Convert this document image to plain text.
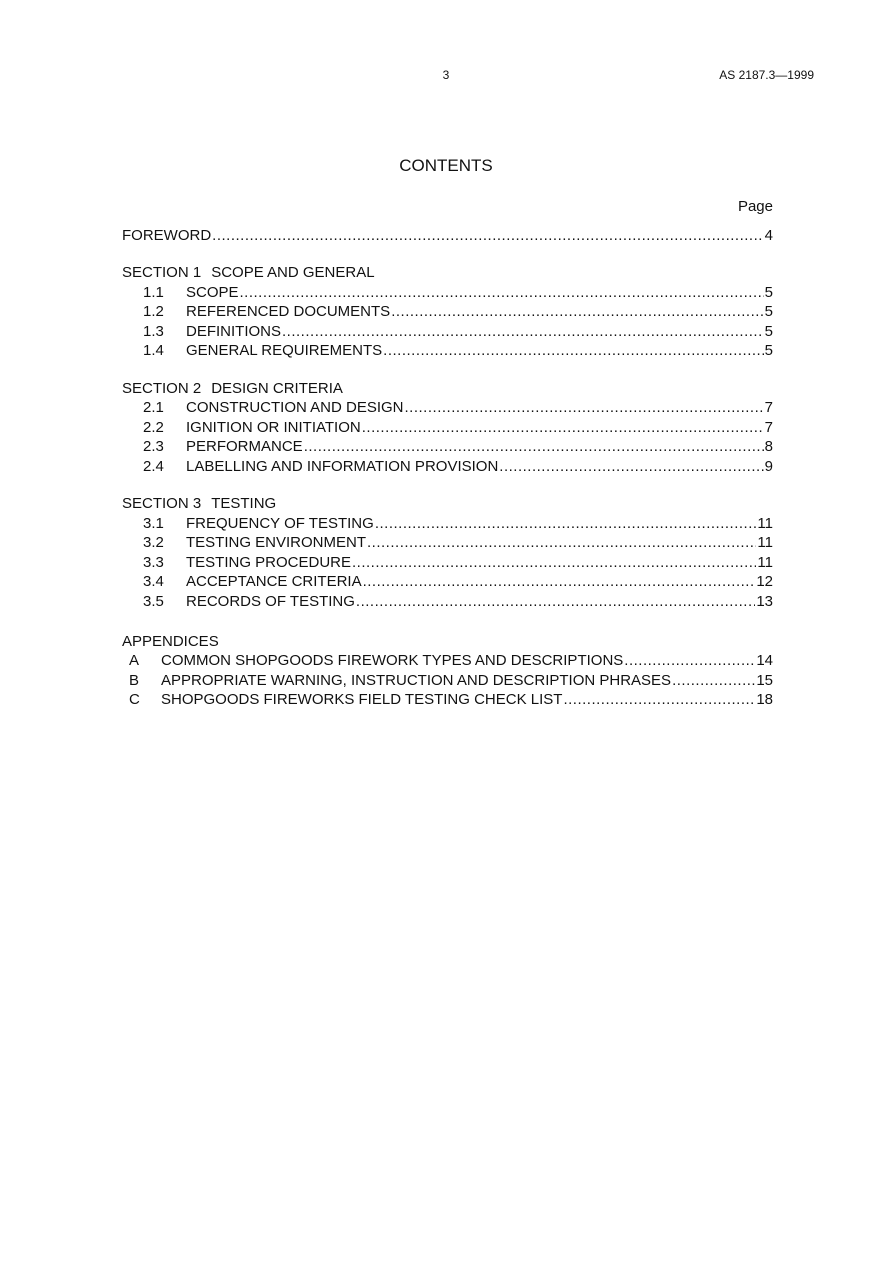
3	AS 2187.3—1999
CONTENTS
Page
FOREWORD .....	4
SECTION 1 SCOPE AND GENERAL
1.1	SCOPE .....	5
1.2	REFERENCED DOCUMENTS .....	5
1.3	DEFINITIONS .....	5
1.4	GENERAL REQUIREMENTS .....	5
SECTION 2 DESIGN CRITERIA
2.1	CONSTRUCTION AND DESIGN .....	7
2.2	IGNITION OR INITIATION .....	7
2.3	PERFORMANCE .....	8
2.4	LABELLING AND INFORMATION PROVISION .....	9
SECTION 3 TESTING
3.1	FREQUENCY OF TESTING .....	11
3.2	TESTING ENVIRONMENT .....	11
3.3	TESTING PROCEDURE .....	11
3.4	ACCEPTANCE CRITERIA .....	12
3.5	RECORDS OF TESTING .....	13
APPENDICES
A	COMMON SHOPGOODS FIREWORK TYPES AND DESCRIPTIONS .....	14
B	APPROPRIATE WARNING, INSTRUCTION AND DESCRIPTION PHRASES .....	15
C	SHOPGOODS FIREWORKS FIELD TESTING CHECK LIST .....	18
